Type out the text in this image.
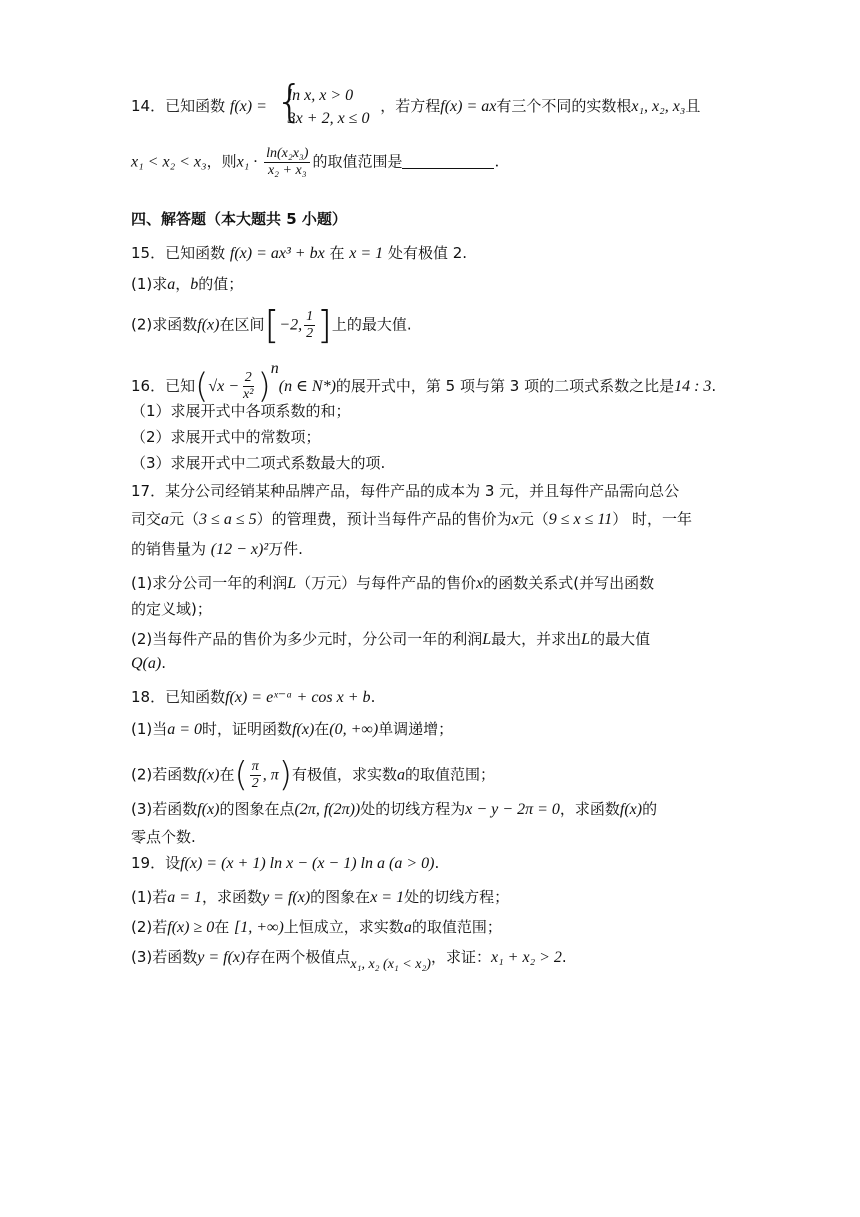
14．已知函数 f(x) = {
ln x, x > 0
3x + 2, x ≤ 0
，若方程f(x) = ax有三个不同的实数根x₁, x₂, x₃且
x₁ < x₂ < x₃，则$x_1 \cdot \frac{\text{ln(x₂x₃)}}{\text{x₂ + x₃}}$ 的取值范围是	.
四、解答题（本大题共 5 小题）
15．已知函数 f(x) = ax³ + bx 在 x = 1 处有极值 2.
(1)求a，b的值；
(2)求函数f(x)在区间[−2, $\frac{1}{2}$ ]上的最大值.
16．已知$(√x - \frac{2}{\text{x²}} )^n(n$ ∈ N*)的展开式中，第 5 项与第 3 项的二项式系数之比是14 : 3.
（1）求展开式中各项系数的和；
（2）求展开式中的常数项；
（3）求展开式中二项式系数最大的项.
17．某分公司经销某种品牌产品，每件产品的成本为 3 元，并且每件产品需向总公
司交a元（3 ≤ a ≤ 5）的管理费，预计当每件产品的售价为x元（9 ≤ x ≤ 11） 时，一年
的销售量为 (12 − x)²万件.
(1)求分公司一年的利润L（万元）与每件产品的售价x的函数关系式(并写出函数
的定义域)；
(2)当每件产品的售价为多少元时，分公司一年的利润L最大，并求出L的最大值
Q(a).
18．已知函数f(x) = eˣ⁻ᵃ + cos x + b.
(1)当a = 0时，证明函数f(x)在(0, +∞)单调递增；
(2)若函数f(x)在( $\frac{\pi}{2}$ , π)有极值，求实数a的取值范围；
(3)若函数f(x)的图象在点(2π, f(2π))处的切线方程为x − y − 2π = 0，求函数f(x)的
零点个数.
19．设f(x) = (x + 1) ln x − (x − 1) ln a (a > 0).
(1)若a = 1，求函数y = f(x)的图象在x = 1处的切线方程；
(2)若f(x) ≥ 0在 [1, +∞)上恒成立，求实数a的取值范围；
(3)若函数y = f(x)存在两个极值点x₁, x₂ (x₁ < x₂)，求证：x₁ + x₂ > 2.
